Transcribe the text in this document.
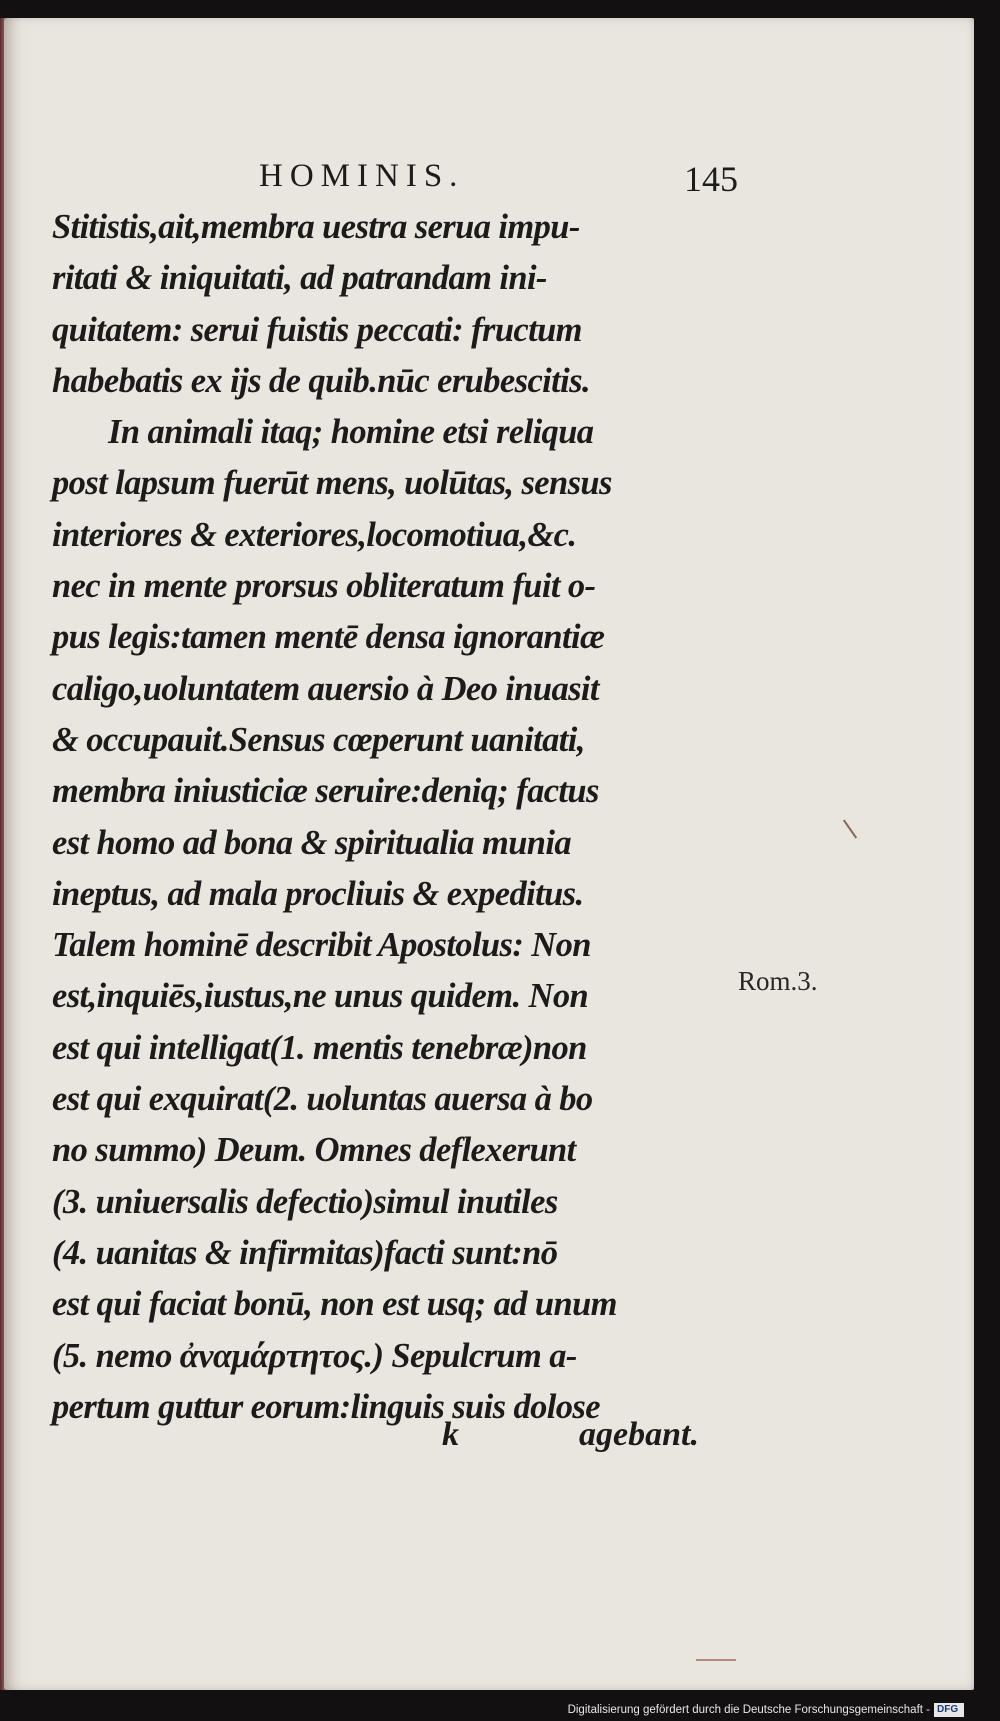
HOMINIS.	145
Stitistis,ait,membra uestra serua impu-
ritati & iniquitati, ad patrandam ini-
quitatem: serui fuistis peccati: fructum
habebatis ex ijs de quib.nūc erubescitis.
In animali itaq; homine etsi reliqua
post lapsum fuerūt mens, uolūtas, sensus
interiores & exteriores,locomotiua,&c.
nec in mente prorsus obliteratum fuit o-
pus legis:tamen mentē densa ignorantiæ
caligo,uoluntatem auersio à Deo inuasit
& occupauit.Sensus cœperunt uanitati,
membra iniusticiæ seruire:deniq; factus
est homo ad bona & spiritualia munia
ineptus, ad mala procliuis & expeditus.
Talem hominē describit Apostolus: Non
est,inquiēs,iustus,ne unus quidem. Non
est qui intelligat(1. mentis tenebræ)non
est qui exquirat(2. uoluntas auersa à bo
no summo) Deum. Omnes deflexerunt
(3. uniuersalis defectio)simul inutiles
(4. uanitas & infirmitas)facti sunt:nō
est qui faciat bonū, non est usq; ad unum
(5. nemo ἀναμάρτητος.) Sepulcrum a-
pertum guttur eorum:linguis suis dolose
Rom.3.
k	agebant.
Digitalisierung gefördert durch die Deutsche Forschungsgemeinschaft -
DFG
